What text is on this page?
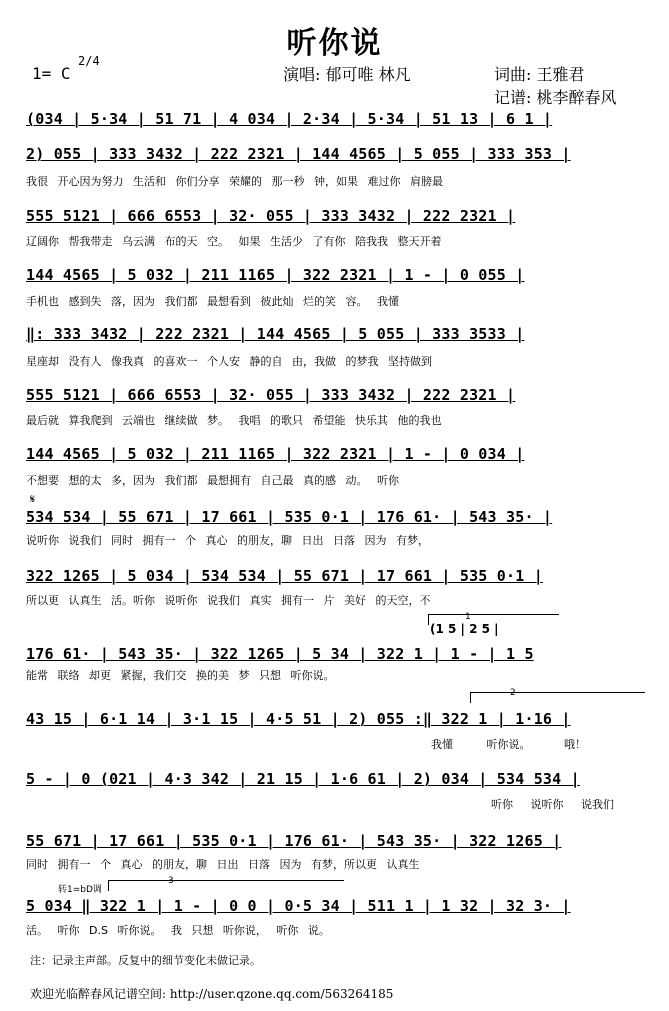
听你说
1= C
2/4
演唱: 郁可唯 林凡	词曲: 王雅君
记谱: 桃李醉春风
(034 | 5·34 | 51 71 | 4 034 | 2·34 | 5·34 | 51 13 | 6 1 |
2) 055 | 333 3432 | 222 2321 | 144 4565 | 5 055 | 333 353 |
我很 开心因为努力 生活和 你们分享 荣耀的 那一秒 钟，如果 难过你 肩膀最
555 5121 | 666 6553 | 32· 055 | 333 3432 | 222 2321 |
辽阔你 帮我带走 乌云满 布的天 空。 如果 生活少 了有你 陪我我 整天开着
144 4565 | 5 032 | 211 1165 | 322 2321 | 1 - | 0 055 |
手机也 感到失 落，因为 我们都 最想看到 彼此灿 烂的笑 容。 我懂
‖: 333 3432 | 222 2321 | 144 4565 | 5 055 | 333 3533 |
星座却 没有人 像我真 的喜欢一 个人安 静的自 由，我做 的梦我 坚持做到
555 5121 | 666 6553 | 32· 055 | 333 3432 | 222 2321 |
最后就 算我爬到 云端也 继续做 梦。 我唱 的歌只 希望能 快乐其 他的我也
144 4565 | 5 032 | 211 1165 | 322 2321 | 1 - | 0 034 |
不想要 想的太 多，因为 我们都 最想拥有 自己最 真的感 动。 听你
𝄋
534 534 | 55 671 | 17 661 | 535 0·1 | 176 61· | 543 35· |
说听你 说我们 同时 拥有一 个 真心 的朋友，聊 日出 日落 因为 有梦，
322 1265 | 5 034 | 534 534 | 55 671 | 17 661 | 535 0·1 |
所以更 认真生 活。听你 说听你 说我们 真实 拥有一 片 美好 的天空，不
1
(1 5 | 2 5 |
176 61· | 543 35· | 322 1265 | 5 34 | 322 1 | 1 - | 1 5
能常 联络 却更 紧握，我们交 换的美 梦 只想 听你说。
2
43 15 | 6·1 14 | 3·1 15 | 4·5 51 | 2) 055 :‖ 322 1 | 1·16 |
我懂 听你说。 哦！
5 - | 0 (021 | 4·3 342 | 21 15 | 1·6 61 | 2) 034 | 534 534 |
听你 说听你 说我们
55 671 | 17 661 | 535 0·1 | 176 61· | 543 35· | 322 1265 |
同时 拥有一 个 真心 的朋友，聊 日出 日落 因为 有梦，所以更 认真生
转1=bD调
3
5 034 ‖ 322 1 | 1 - | 0 0 | 0·5 34 | 511 1 | 1 32 | 32 3· |
活。 听你 D.S 听你说。 我 只想 听你说， 听你 说。
注：记录主声部。反复中的细节变化未做记录。
欢迎光临醉春风记谱空间: http://user.qzone.qq.com/563264185
